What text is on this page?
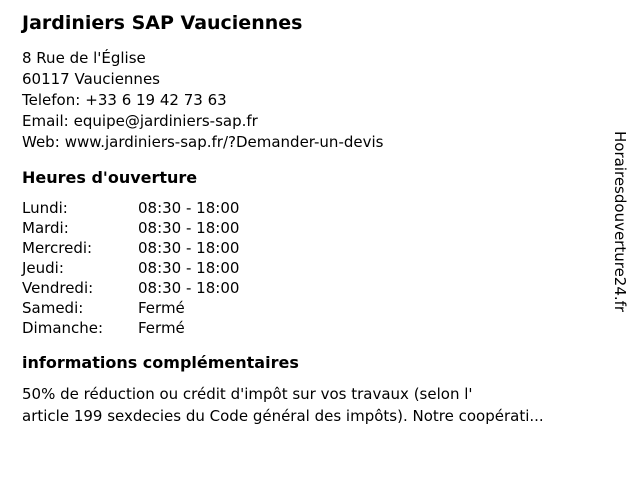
Jardiniers SAP Vauciennes
8 Rue de l'Église
60117 Vauciennes
Telefon: +33 6 19 42 73 63
Email: equipe@jardiniers-sap.fr
Web: www.jardiniers-sap.fr/?Demander-un-devis
Heures d'ouverture
Lundi:	08:30 - 18:00
Mardi:	08:30 - 18:00
Mercredi:	08:30 - 18:00
Jeudi:	08:30 - 18:00
Vendredi:	08:30 - 18:00
Samedi:	Fermé
Dimanche:	Fermé
informations complémentaires
50% de réduction ou crédit d'impôt sur vos travaux (selon l'
article 199 sexdecies du Code général des impôts). Notre coopérati...
Horairesdouverture24.fr
